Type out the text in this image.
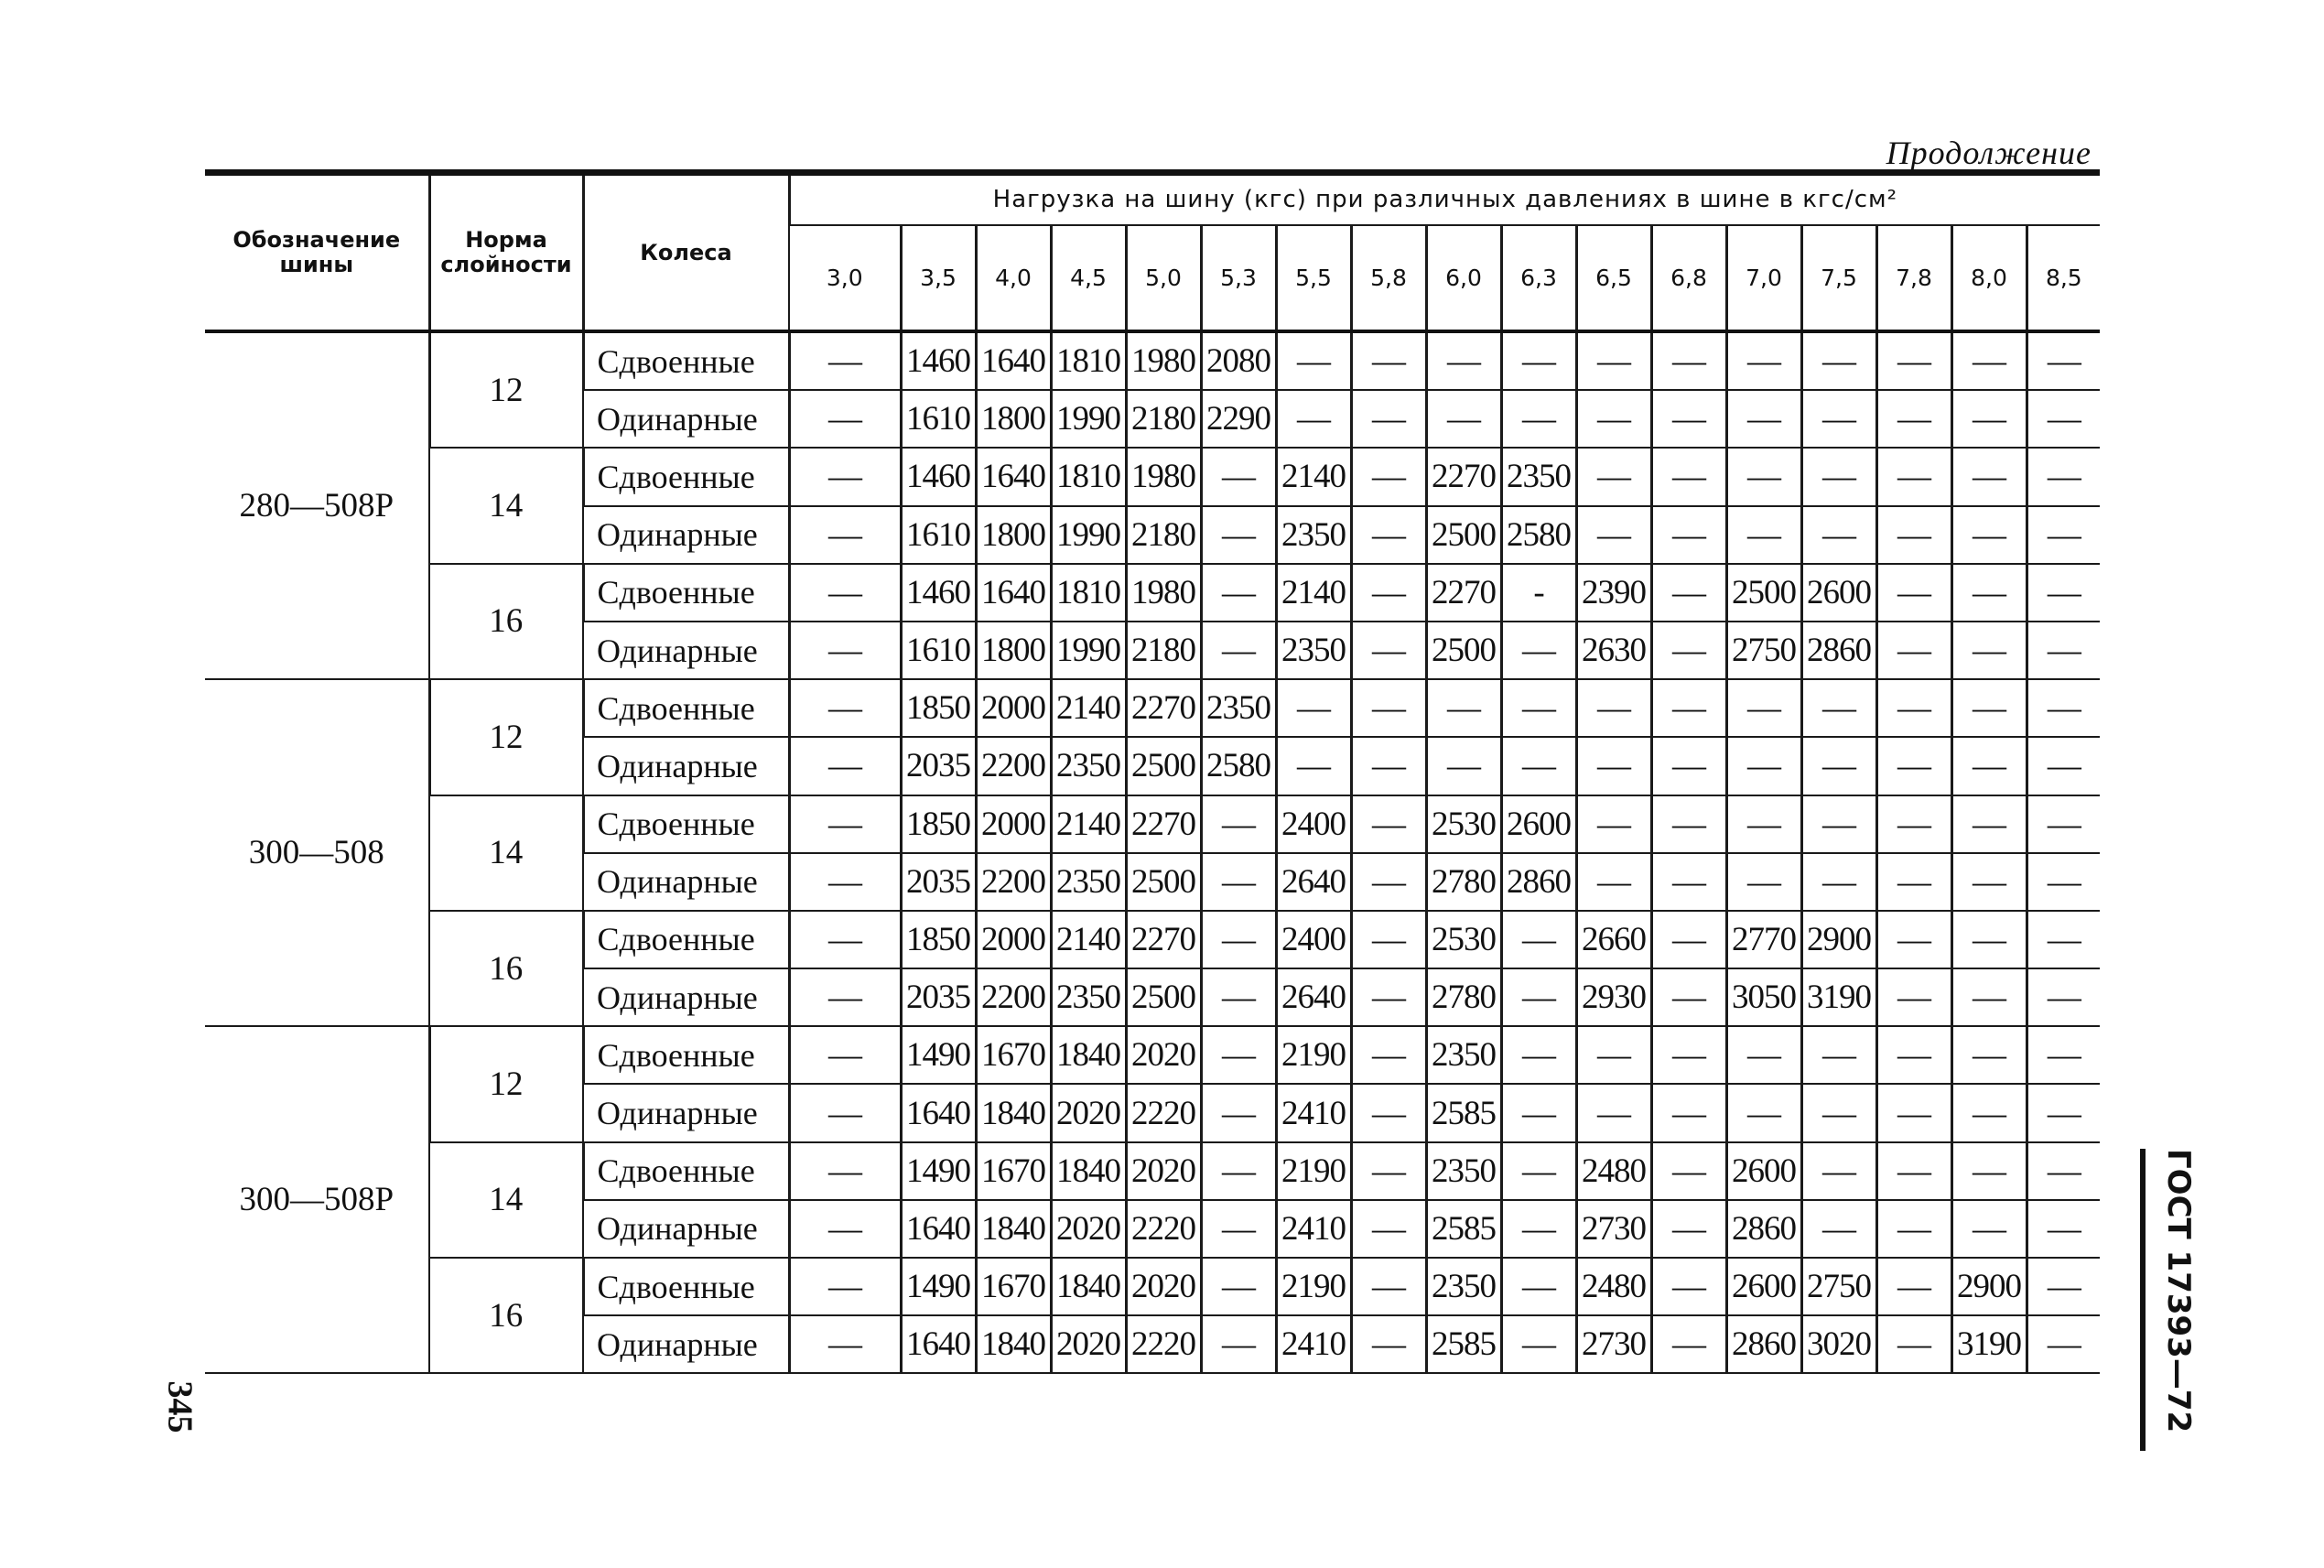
Продолжение
Обозначение шины	Норма слойности	Колеса	Нагрузка на шину (кгс) при различных давлениях в шине в кгс/см²																
			3,0	3,5	4,0	4,5	5,0	5,3	5,5	5,8	6,0	6,3	6,5	6,8	7,0	7,5	7,8	8,0	8,5
280—508Р	12	Сдвоенные	—	1460	1640	1810	1980	2080	—	—	—	—	—	—	—	—	—	—	—
		Одинарные	—	1610	1800	1990	2180	2290	—	—	—	—	—	—	—	—	—	—	—
	14	Сдвоенные	—	1460	1640	1810	1980	—	2140	—	2270	2350	—	—	—	—	—	—	—
		Одинарные	—	1610	1800	1990	2180	—	2350	—	2500	2580	—	—	—	—	—	—	—
	16	Сдвоенные	—	1460	1640	1810	1980	—	2140	—	2270	-	2390	—	2500	2600	—	—	—
		Одинарные	—	1610	1800	1990	2180	—	2350	—	2500	—	2630	—	2750	2860	—	—	—
300—508	12	Сдвоенные	—	1850	2000	2140	2270	2350	—	—	—	—	—	—	—	—	—	—	—
		Одинарные	—	2035	2200	2350	2500	2580	—	—	—	—	—	—	—	—	—	—	—
	14	Сдвоенные	—	1850	2000	2140	2270	—	2400	—	2530	2600	—	—	—	—	—	—	—
		Одинарные	—	2035	2200	2350	2500	—	2640	—	2780	2860	—	—	—	—	—	—	—
	16	Сдвоенные	—	1850	2000	2140	2270	—	2400	—	2530	—	2660	—	2770	2900	—	—	—
		Одинарные	—	2035	2200	2350	2500	—	2640	—	2780	—	2930	—	3050	3190	—	—	—
300—508Р	12	Сдвоенные	—	1490	1670	1840	2020	—	2190	—	2350	—	—	—	—	—	—	—	—
		Одинарные	—	1640	1840	2020	2220	—	2410	—	2585	—	—	—	—	—	—	—	—
	14	Сдвоенные	—	1490	1670	1840	2020	—	2190	—	2350	—	2480	—	2600	—	—	—	—
		Одинарные	—	1640	1840	2020	2220	—	2410	—	2585	—	2730	—	2860	—	—	—	—
	16	Сдвоенные	—	1490	1670	1840	2020	—	2190	—	2350	—	2480	—	2600	2750	—	2900	—
		Одинарные	—	1640	1840	2020	2220	—	2410	—	2585	—	2730	—	2860	3020	—	3190	—	ГОСТ 17393—72
345
